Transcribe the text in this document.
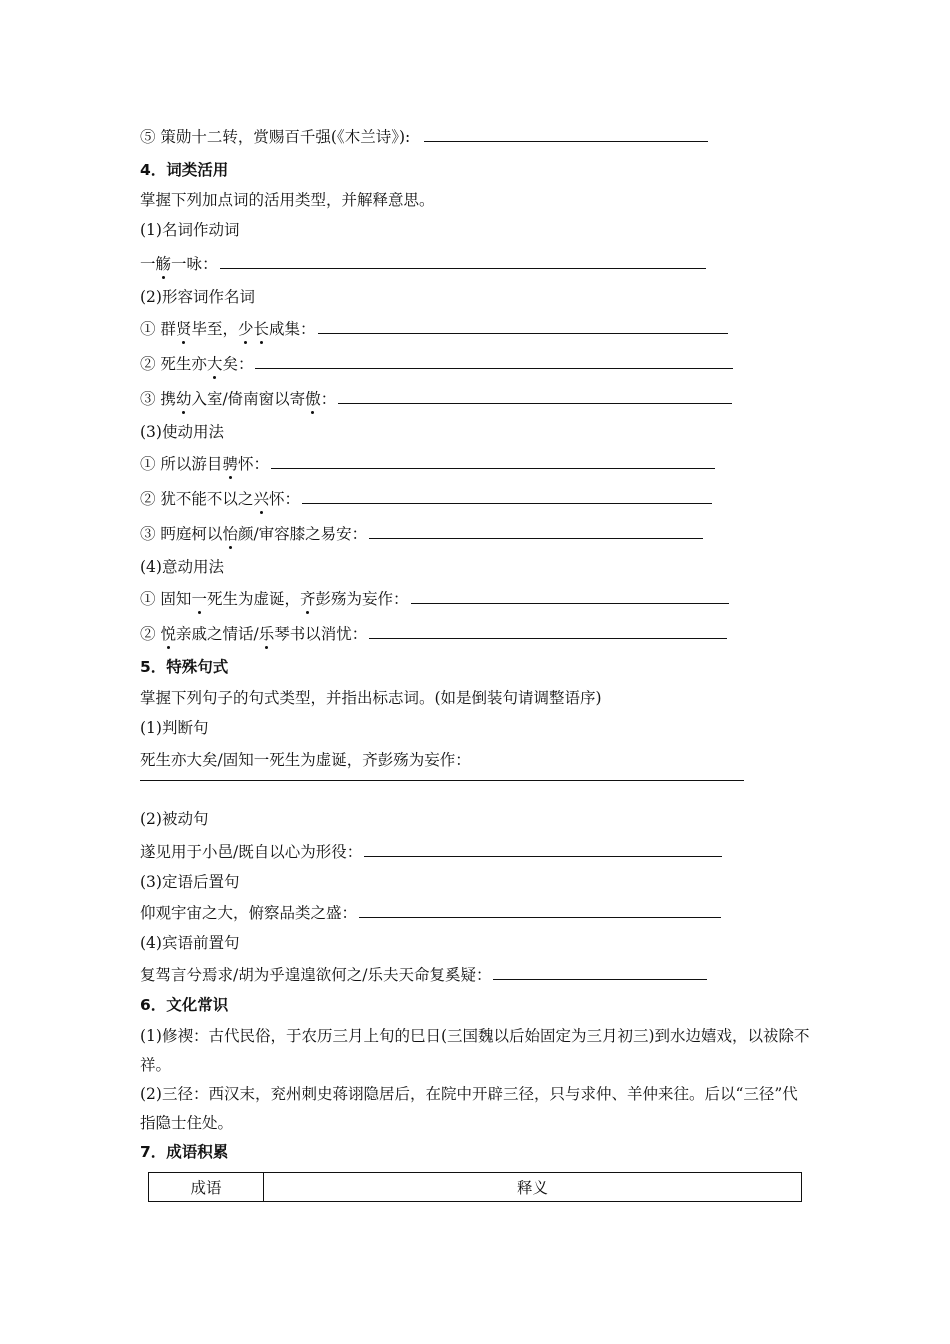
⑤ 策勋十二转，赏赐百千强(《木兰诗》):
4．词类活用
掌握下列加点词的活用类型，并解释意思。
(1)名词作动词
一觞一咏：
(2)形容词作名词
① 群贤毕至，少长咸集：
② 死生亦大矣：
③ 携幼入室/倚南窗以寄傲：
(3)使动用法
① 所以游目骋怀：
② 犹不能不以之兴怀：
③ 眄庭柯以怡颜/审容膝之易安：
(4)意动用法
① 固知一死生为虚诞，齐彭殇为妄作：
② 悦亲戚之情话/乐琴书以消忧：
5．特殊句式
掌握下列句子的句式类型，并指出标志词。(如是倒装句请调整语序)
(1)判断句
死生亦大矣/固知一死生为虚诞，齐彭殇为妄作：
(2)被动句
遂见用于小邑/既自以心为形役：
(3)定语后置句
仰观宇宙之大，俯察品类之盛：
(4)宾语前置句
复驾言兮焉求/胡为乎遑遑欲何之/乐夫天命复奚疑：
6．文化常识
(1)修禊：古代民俗，于农历三月上旬的巳日(三国魏以后始固定为三月初三)到水边嬉戏，以祓除不祥。
(2)三径：西汉末，兖州刺史蒋诩隐居后，在院中开辟三径，只与求仲、羊仲来往。后以“三径”代指隐士住处。
7．成语积累
成语	释义
